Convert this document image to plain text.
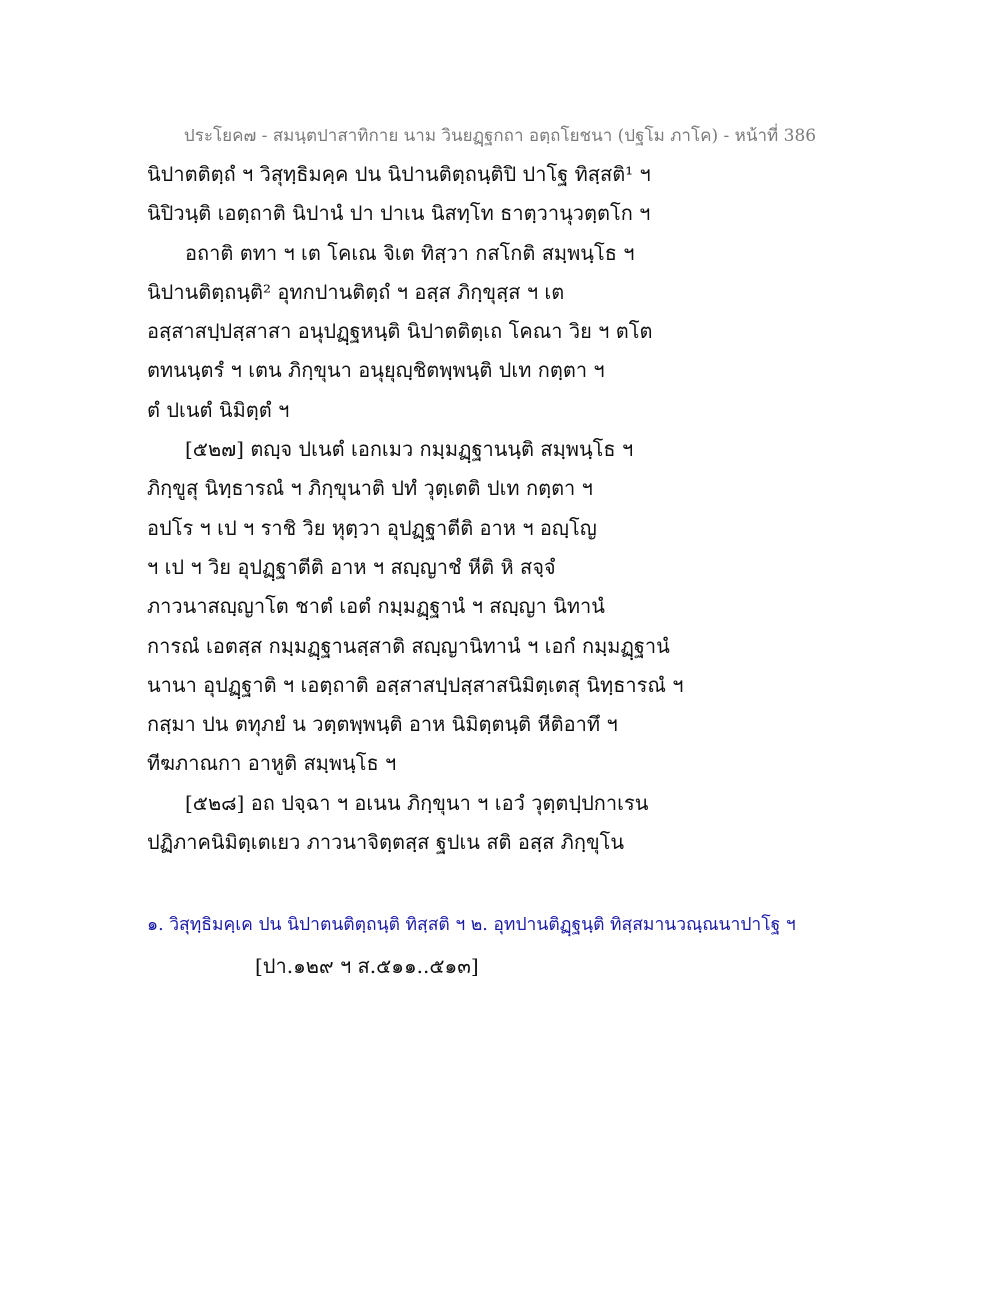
ประโยค๗ - สมนฺตปาสาทิกาย นาม วินยฏฺฐกถา อตฺถโยชนา (ปฐโม ภาโค) - หน้าที่ 386
นิปาตติตฺถํ ฯ วิสุทฺธิมคฺค ปน นิปานติตฺถนฺติปิ ปาโฐ ทิสฺสติ¹ ฯ
นิปิวนฺติ เอตฺถาติ นิปานํ ปา ปาเน นิสทฺโท ธาตฺวานุวตฺตโก ฯ
อถาติ ตทา ฯ เต โคเณ จิเต ทิสฺวา กสโกติ สมฺพนฺโธ ฯ
นิปานติตฺถนฺติ² อุทกปานติตฺถํ ฯ อสฺส ภิกฺขุสฺส ฯ เต
อสฺสาสปฺปสฺสาสา อนุปฏฺฐหนฺติ นิปาตติตฺเถ โคณา วิย ฯ ตโต
ตทนนฺตรํ ฯ เตน ภิกฺขุนา อนุยุญฺชิตพฺพนฺติ ปเท กตฺตา ฯ
ตํ ปเนตํ นิมิตฺตํ ฯ
[๕๒๗] ตญฺจ ปเนตํ เอกเมว กมฺมฏฺฐานนฺติ สมฺพนฺโธ ฯ
ภิกฺขูสุ นิทฺธารณํ ฯ ภิกฺขุนาติ ปทํ วุตฺเตติ ปเท กตฺตา ฯ
อปโร ฯ เป ฯ ราชิ วิย หุตฺวา อุปฏฺฐาตีติ อาห ฯ อญฺโญ
ฯ เป ฯ วิย อุปฏฺฐาตีติ อาห ฯ สญฺญาชํ หีติ หิ สจฺจํ
ภาวนาสญฺญาโต ชาตํ เอตํ กมฺมฏฺฐานํ ฯ สญฺญา นิทานํ
การณํ เอตสฺส กมฺมฏฺฐานสฺสาติ สญฺญานิทานํ ฯ เอกํ กมฺมฏฺฐานํ
นานา อุปฏฺฐาติ ฯ เอตฺถาติ อสฺสาสปฺปสฺสาสนิมิตฺเตสุ นิทฺธารณํ ฯ
กสฺมา ปน ตทุภยํ น วตฺตพฺพนฺติ อาห นิมิตฺตนฺติ หีติอาทึ ฯ
ทีฆภาณกา อาหูติ สมฺพนฺโธ ฯ
[๕๒๘] อถ ปจฺฉา ฯ อเนน ภิกฺขุนา ฯ เอวํ วุตฺตปฺปกาเรน
ปฏิภาคนิมิตฺเตเยว ภาวนาจิตฺตสฺส ฐปเน สติ อสฺส ภิกฺขุโน
๑. วิสุทฺธิมคฺเค ปน นิปาตนติตฺถนฺติ ทิสฺสติ ฯ ๒. อุทปานติฏฺฐนฺติ ทิสฺสมานวณฺณนาปาโฐ ฯ
[ปา.๑๒๙ ฯ ส.๕๑๑..๕๑๓]
